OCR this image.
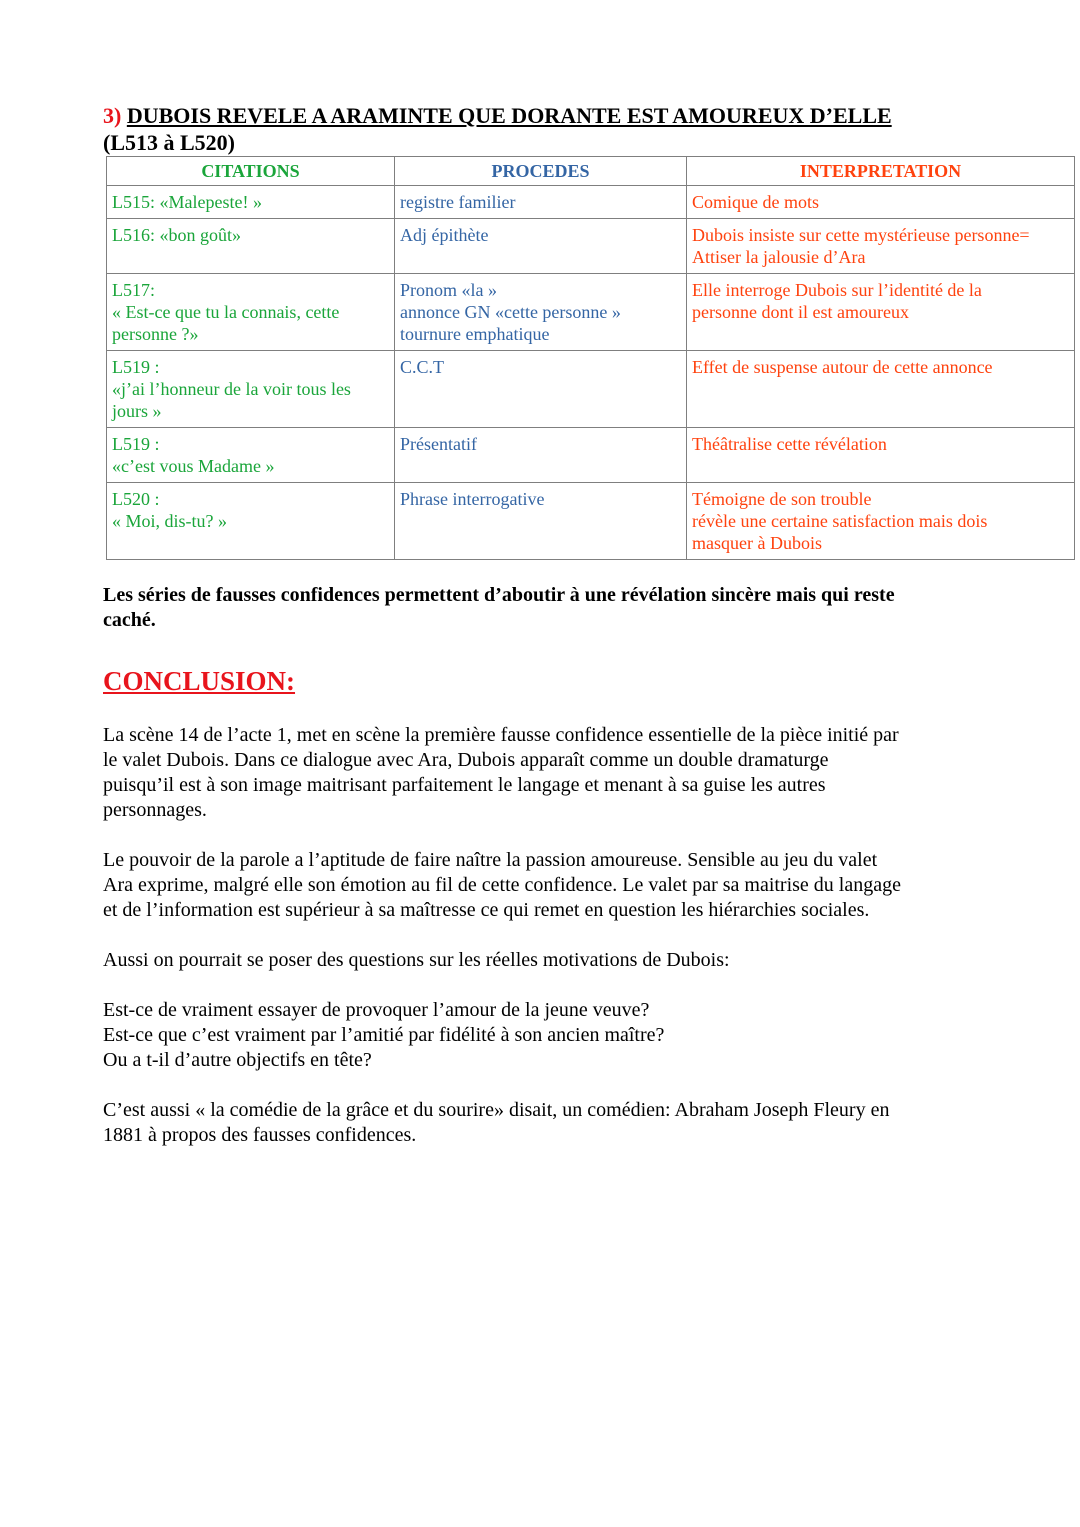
3) DUBOIS REVELE A ARAMINTE QUE DORANTE EST AMOUREUX D’ELLE

(L513 à L520)

CITATIONS	PROCEDES	INTERPRETATION

L515: «Malepeste! »	registre familier	Comique de mots

L516: «bon goût»	Adj épithète	Dubois insiste sur cette mystérieuse personne=
Attiser la jalousie d’Ara

L517:
« Est-ce que tu la connais, cette
personne ?»	Pronom «la »
annonce GN «cette personne »
tournure emphatique	Elle interroge Dubois sur l’identité de la
personne dont il est amoureux

L519 :
«j’ai l’honneur de la voir tous les
jours »	C.C.T	Effet de suspense autour de cette annonce

L519 :
«c’est vous Madame »	Présentatif	Théâtralise cette révélation

L520 :
« Moi, dis-tu? »	Phrase interrogative	Témoigne de son trouble
révèle une certaine satisfaction mais dois
masquer à Dubois

Les séries de fausses confidences permettent d’aboutir à une révélation sincère mais qui reste
caché.

CONCLUSION:

La scène 14 de l’acte 1, met en scène la première fausse confidence essentielle de la pièce initié par
le valet Dubois. Dans ce dialogue avec Ara, Dubois apparaît comme un double dramaturge
puisqu’il est à son image maitrisant parfaitement le langage et menant à sa guise les autres
personnages.

Le pouvoir de la parole a l’aptitude de faire naître la passion amoureuse. Sensible au jeu du valet
Ara exprime, malgré elle son émotion au fil de cette confidence. Le valet par sa maitrise du langage
et de l’information est supérieur à sa maîtresse ce qui remet en question les hiérarchies sociales.

Aussi on pourrait se poser des questions sur les réelles motivations de Dubois:

Est-ce de vraiment essayer de provoquer l’amour de la jeune veuve?
Est-ce que c’est vraiment par l’amitié par fidélité à son ancien maître?
Ou a t-il d’autre objectifs en tête?

C’est aussi « la comédie de la grâce et du sourire» disait, un comédien: Abraham Joseph Fleury en
1881 à propos des fausses confidences.
